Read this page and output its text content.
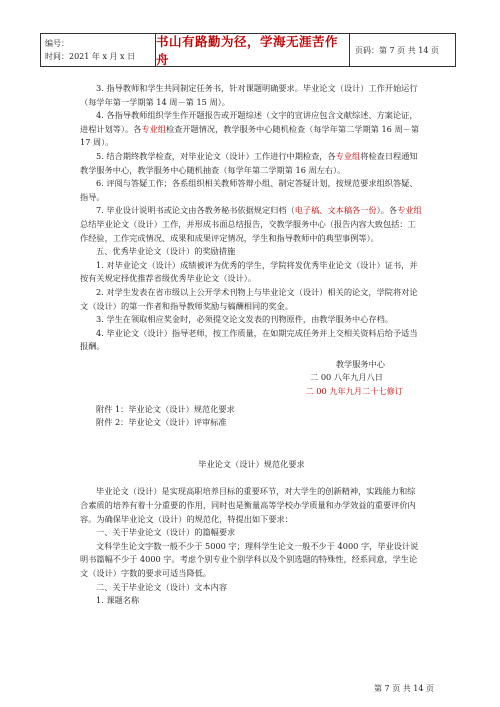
编号：
时间：2021 年 x 月 x 日
书山有路勤为径，学海无涯苦作舟
页码：第 7 页 共 14 页

3. 指导教师和学生共同制定任务书，针对课题明确要求。毕业论文（设计）工作开始运行（每学年第一学期第 14 周－第 15 周）。

4. 各指导教师组织学生作开题报告或开题综述（文字的宣讲应包含文献综述、方案论证，进程计划等）。各专业组检查开题情况，教学服务中心随机检查（每学年第二学期第 16 周－第 17 周）。

5. 结合期终教学检查，对毕业论文（设计）工作进行中期检查，各专业组将检查日程通知教学服务中心，教学服务中心随机抽查（每学年第二学期第 16 周左右）。

6. 评阅与答疑工作；各系组织相关教师答辩小组、制定答疑计划，按规范要求组织答疑、指导。

7. 毕业设计说明书或论文由各教务秘书依据规定归档（电子稿、文本稿各一份）。各专业组总结毕业论文（设计）工作，并形成书面总结报告，交教学服务中心（报告内容大致包括：工作经验，工作完成情况、成果和成果评定情况，学生和指导教师中的典型事例等）。

五、优秀毕业论文（设计）的奖励措施

1. 对毕业论文（设计）成绩被评为优秀的学生，学院将发优秀毕业论文（设计）证书，并按有关规定择优推荐省级优秀毕业论文（设计）。

2. 对学生发表在省市级以上公开学术刊物上与毕业论文（设计）相关的论文，学院将对论文（设计）的第一作者和指导教师奖励与稿酬相同的奖金。

3. 学生在领取相应奖金时，必须提交论文发表的刊物原件，由教学服务中心存档。

4. 毕业论文（设计）指导老师，按工作质量，在如期完成任务并上交相关资料后给予适当报酬。

教学服务中心

二 00 八年九月八日

二 00 九年九月二十七修订

附件 1：毕业论文（设计）规范化要求

附件 2：毕业论文（设计）评审标准

毕业论文（设计）规范化要求

毕业论文（设计）是实现高职培养目标的重要环节，对大学生的创新精神，实践能力和综合素质的培养有着十分重要的作用，同时也是衡量高等学校办学质量和办学效益的重要评价内容。为确保毕业论文（设计）的规范化，特提出如下要求：

一、关于毕业论文（设计）的篇幅要求

文科学生论文字数一般不少于 5000 字；理科学生论文一般不少于 4000 字，毕业设计说明书篇幅不少于 4000 字。考虑个别专业个别学科以及个别选题的特殊性，经系同意，学生论文（设计）字数的要求可适当降低。

二、关于毕业论文（设计）文本内容

1. 课题名称

第 7 页 共 14 页
